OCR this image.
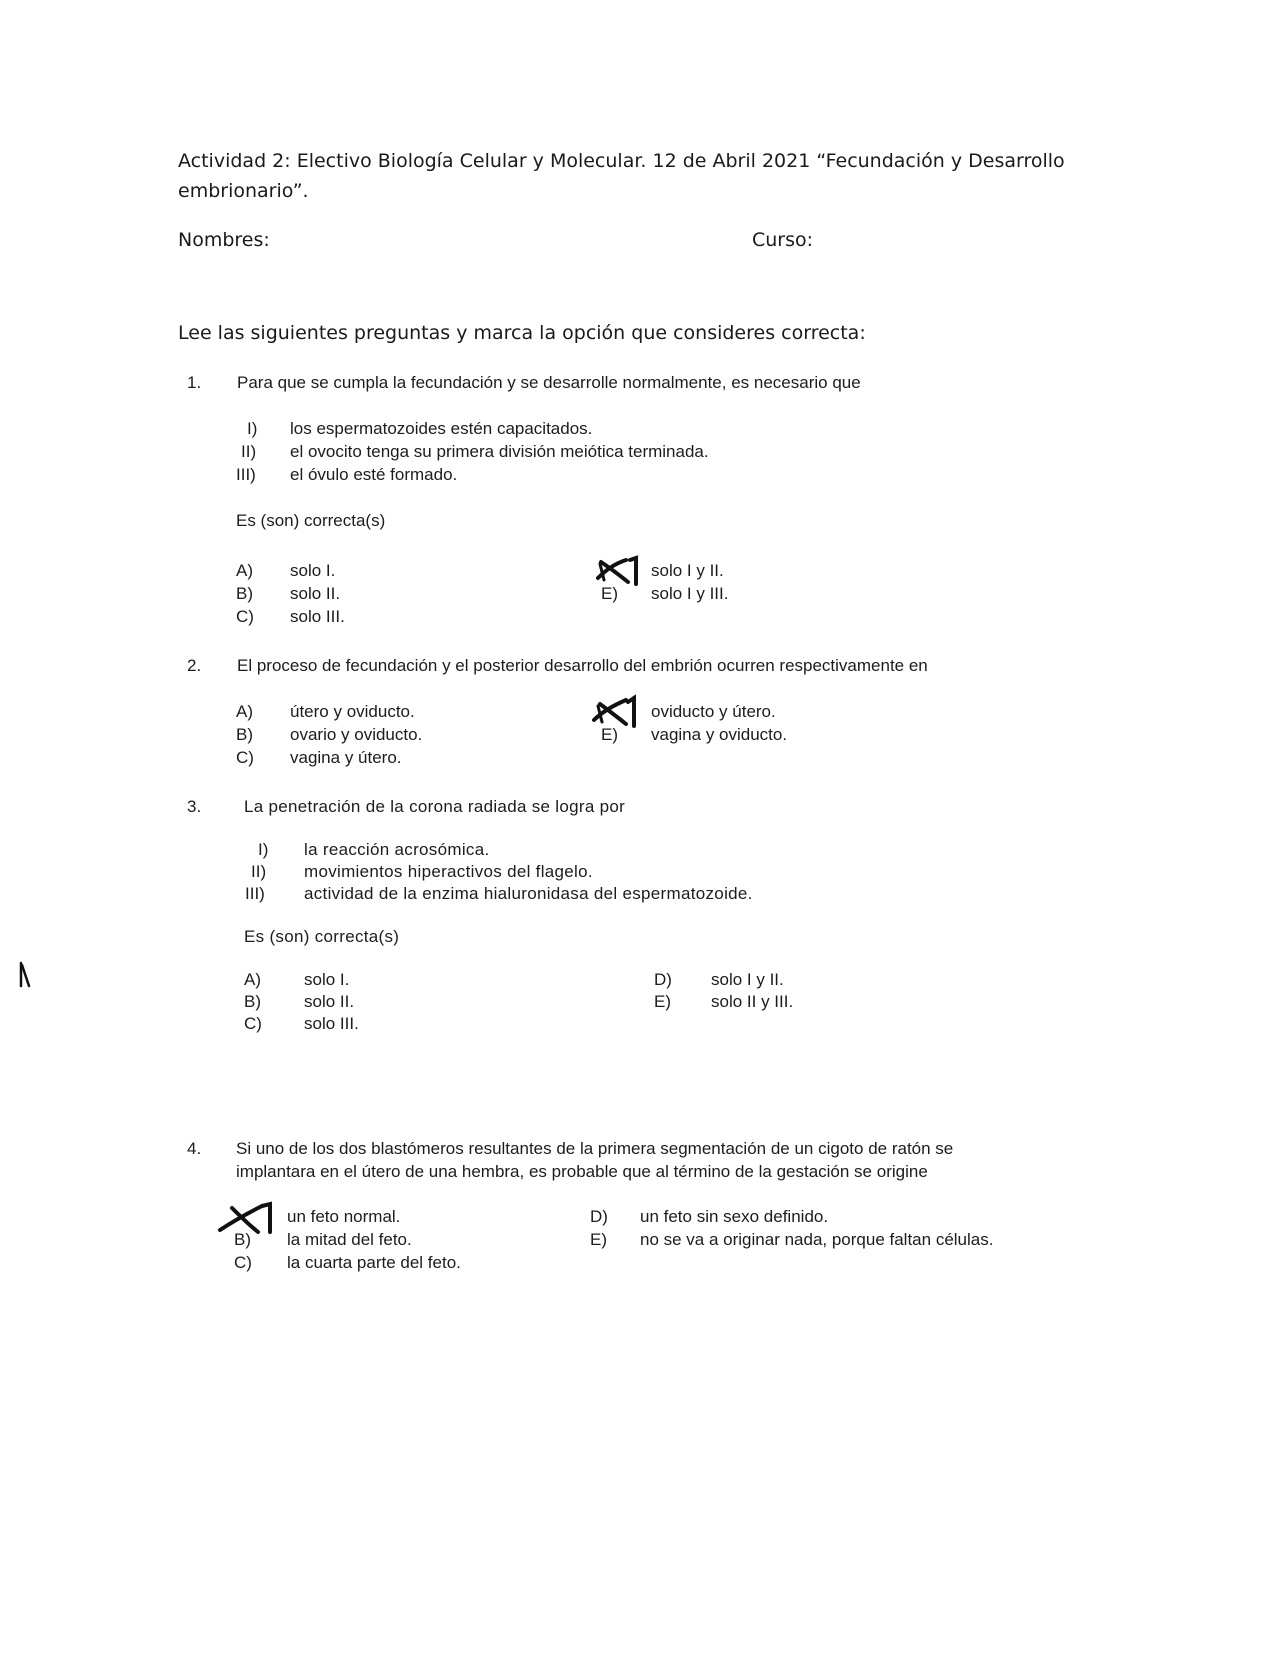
Actividad 2: Electivo Biología Celular y Molecular. 12 de Abril 2021 “Fecundación y Desarrollo
embrionario”.
Nombres:	Curso:
Lee las siguientes preguntas y marca la opción que consideres correcta:
1. Para que se cumpla la fecundación y se desarrolle normalmente, es necesario que
I) los espermatozoides estén capacitados.
II) el ovocito tenga su primera división meiótica terminada.
III) el óvulo esté formado.
Es (son) correcta(s)
A) solo I.
B) solo II.
C) solo III.
solo I y II.
E) solo I y III.
2. El proceso de fecundación y el posterior desarrollo del embrión ocurren respectivamente en
A) útero y oviducto.
B) ovario y oviducto.
C) vagina y útero.
oviducto y útero.
E) vagina y oviducto.
3.	La penetración de la corona radiada se logra por
I) la reacción acrosómica.
II) movimientos hiperactivos del flagelo.
III) actividad de la enzima hialuronidasa del espermatozoide.
Es (son) correcta(s)
A)	solo I.
B)	solo II.
C) solo III.
D) solo I y II.
E) solo II y III.
4. Si uno de los dos blastómeros resultantes de la primera segmentación de un cigoto de ratón se
implantara en el útero de una hembra, es probable que al término de la gestación se origine
un feto normal.
B) la mitad del feto.
C) la cuarta parte del feto.
D) un feto sin sexo definido.
E) no se va a originar nada, porque faltan células.
